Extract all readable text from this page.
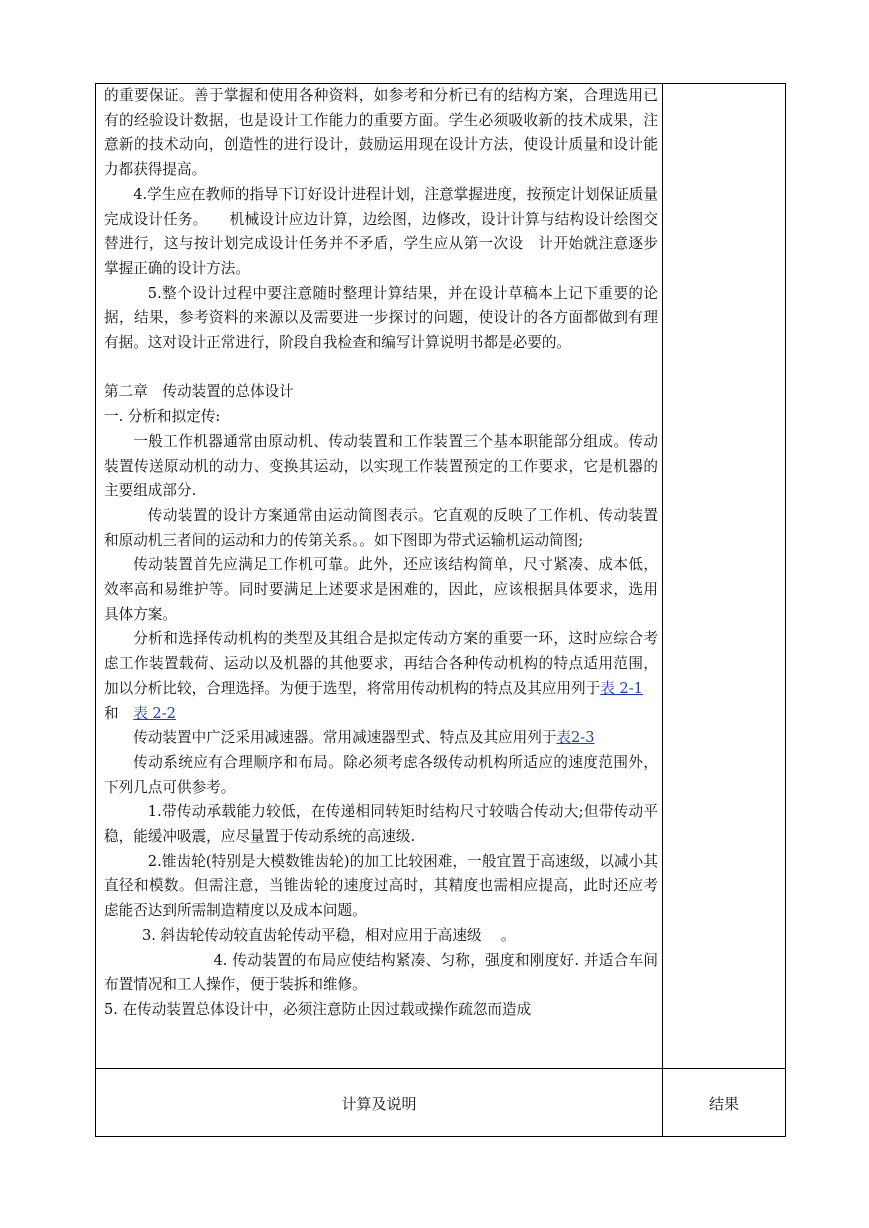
的重要保证。善于掌握和使用各种资料，如参考和分析已有的结构方案，合理选用已有的经验设计数据，也是设计工作能力的重要方面。学生必须吸收新的技术成果，注意新的技术动向，创造性的进行设计，鼓励运用现在设计方法，使设计质量和设计能力都获得提高。

4.学生应在教师的指导下订好设计进程计划，注意掌握进度，按预定计划保证质量完成设计任务。　　机械设计应边计算，边绘图，边修改，设计计算与结构设计绘图交替进行，这与按计划完成设计任务并不矛盾，学生应从第一次设　计开始就注意逐步掌握正确的设计方法。

5.整个设计过程中要注意随时整理计算结果，并在设计草稿本上记下重要的论据，结果，参考资料的来源以及需要进一步探讨的问题，使设计的各方面都做到有理有据。这对设计正常进行，阶段自我检查和编写计算说明书都是必要的。

第二章　传动装置的总体设计

一. 分析和拟定传:

一般工作机器通常由原动机、传动装置和工作装置三个基本职能部分组成。传动装置传送原动机的动力、变换其运动，以实现工作装置预定的工作要求，它是机器的主要组成部分.

传动装置的设计方案通常由运动简图表示。它直观的反映了工作机、传动装置和原动机三者间的运动和力的传第关系。。如下图即为带式运输机运动简图;

传动装置首先应满足工作机可靠。此外，还应该结构简单，尺寸紧凑、成本低，效率高和易维护等。同时要满足上述要求是困难的，因此，应该根据具体要求，选用具体方案。

分析和选择传动机构的类型及其组合是拟定传动方案的重要一环，这时应综合考虑工作装置载荷、运动以及机器的其他要求，再结合各种传动机构的特点适用范围，加以分析比较，合理选择。为便于选型，将常用传动机构的特点及其应用列于表 2-1　　和　表 2-2

传动装置中广泛采用减速器。常用减速器型式、特点及其应用列于表2-3

传动系统应有合理顺序和布局。除必须考虑各级传动机构所适应的速度范围外，下列几点可供参考。

1.带传动承载能力较低，在传递相同转矩时结构尺寸较啮合传动大;但带传动平稳，能缓冲吸震，应尽量置于传动系统的高速级.

2.锥齿轮(特别是大模数锥齿轮)的加工比较困难，一般宜置于高速级，以减小其直径和模数。但需注意，当锥齿轮的速度过高时，其精度也需相应提高，此时还应考虑能否达到所需制造精度以及成本问题。

3. 斜齿轮传动较直齿轮传动平稳，相对应用于高速级　 。

4. 传动装置的布局应使结构紧凑、匀称，强度和刚度好. 并适合车间布置情况和工人操作，便于装拆和维修。

5. 在传动装置总体设计中，必须注意防止因过载或操作疏忽而造成

计算及说明	结果
